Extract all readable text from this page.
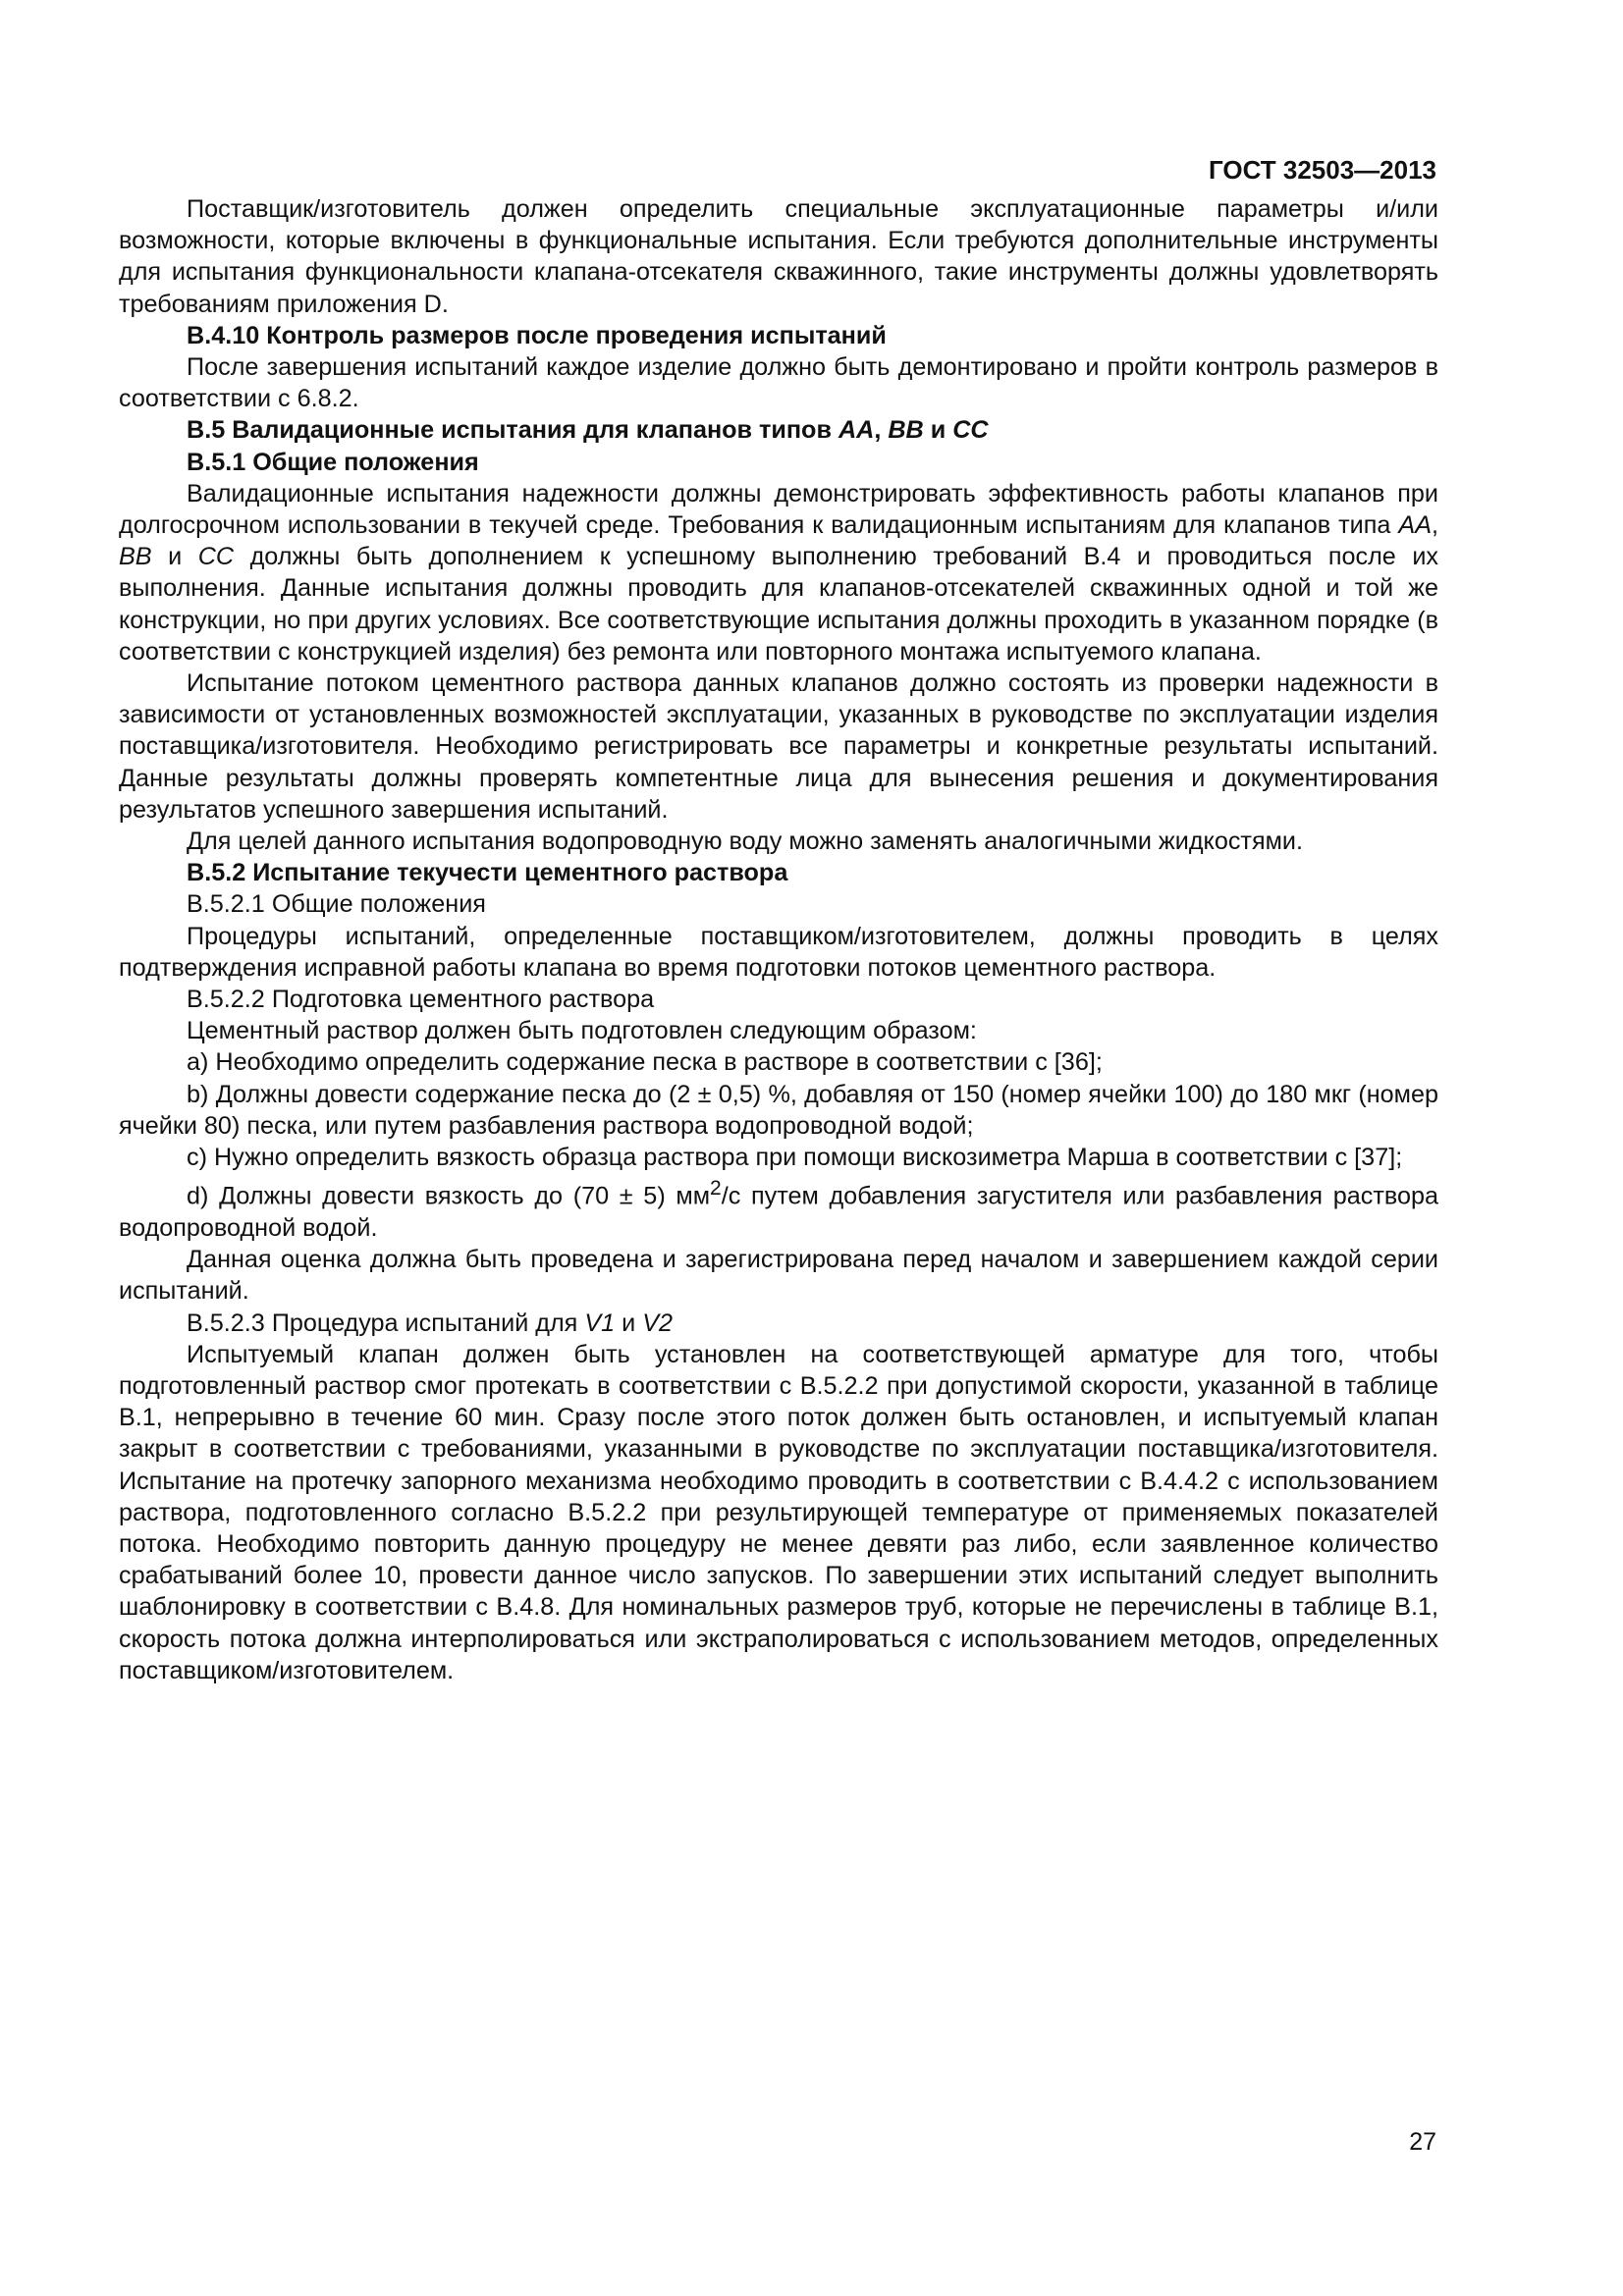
ГОСТ 32503—2013

Поставщик/изготовитель должен определить специальные эксплуатационные параметры и/или возможности, которые включены в функциональные испытания. Если требуются дополнительные инструменты для испытания функциональности клапана-отсекателя скважинного, такие инструменты должны удовлетворять требованиям приложения D.

B.4.10 Контроль размеров после проведения испытаний

После завершения испытаний каждое изделие должно быть демонтировано и пройти контроль размеров в соответствии с 6.8.2.

B.5 Валидационные испытания для клапанов типов AA, BB и CC

B.5.1 Общие положения

Валидационные испытания надежности должны демонстрировать эффективность работы клапанов при долгосрочном использовании в текучей среде. Требования к валидационным испытаниям для клапанов типа AA, BB и CC должны быть дополнением к успешному выполнению требований В.4 и проводиться после их выполнения. Данные испытания должны проводить для клапанов-отсекателей скважинных одной и той же конструкции, но при других условиях. Все соответствующие испытания должны проходить в указанном порядке (в соответствии с конструкцией изделия) без ремонта или повторного монтажа испытуемого клапана.

Испытание потоком цементного раствора данных клапанов должно состоять из проверки надежности в зависимости от установленных возможностей эксплуатации, указанных в руководстве по эксплуатации изделия поставщика/изготовителя. Необходимо регистрировать все параметры и конкретные результаты испытаний. Данные результаты должны проверять компетентные лица для вынесения решения и документирования результатов успешного завершения испытаний.

Для целей данного испытания водопроводную воду можно заменять аналогичными жидкостями.

B.5.2 Испытание текучести цементного раствора

B.5.2.1 Общие положения

Процедуры испытаний, определенные поставщиком/изготовителем, должны проводить в целях подтверждения исправной работы клапана во время подготовки потоков цементного раствора.

B.5.2.2 Подготовка цементного раствора

Цементный раствор должен быть подготовлен следующим образом:

a) Необходимо определить содержание песка в растворе в соответствии с [36];

b) Должны довести содержание песка до (2 ± 0,5) %, добавляя от 150 (номер ячейки 100) до 180 мкг (номер ячейки 80) песка, или путем разбавления раствора водопроводной водой;

c) Нужно определить вязкость образца раствора при помощи вискозиметра Марша в соответствии с [37];

d) Должны довести вязкость до (70 ± 5) $мм^2/с$ путем добавления загустителя или разбавления раствора водопроводной водой.

Данная оценка должна быть проведена и зарегистрирована перед началом и завершением каждой серии испытаний.

B.5.2.3 Процедура испытаний для V1 и V2

Испытуемый клапан должен быть установлен на соответствующей арматуре для того, чтобы подготовленный раствор смог протекать в соответствии с В.5.2.2 при допустимой скорости, указанной в таблице В.1, непрерывно в течение 60 мин. Сразу после этого поток должен быть остановлен, и испытуемый клапан закрыт в соответствии с требованиями, указанными в руководстве по эксплуатации поставщика/изготовителя. Испытание на протечку запорного механизма необходимо проводить в соответствии с В.4.4.2 с использованием раствора, подготовленного согласно В.5.2.2 при результирующей температуре от применяемых показателей потока. Необходимо повторить данную процедуру не менее девяти раз либо, если заявленное количество срабатываний более 10, провести данное число запусков. По завершении этих испытаний следует выполнить шаблонировку в соответствии с В.4.8. Для номинальных размеров труб, которые не перечислены в таблице В.1, скорость потока должна интерполироваться или экстраполироваться с использованием методов, определенных поставщиком/изготовителем.

27
